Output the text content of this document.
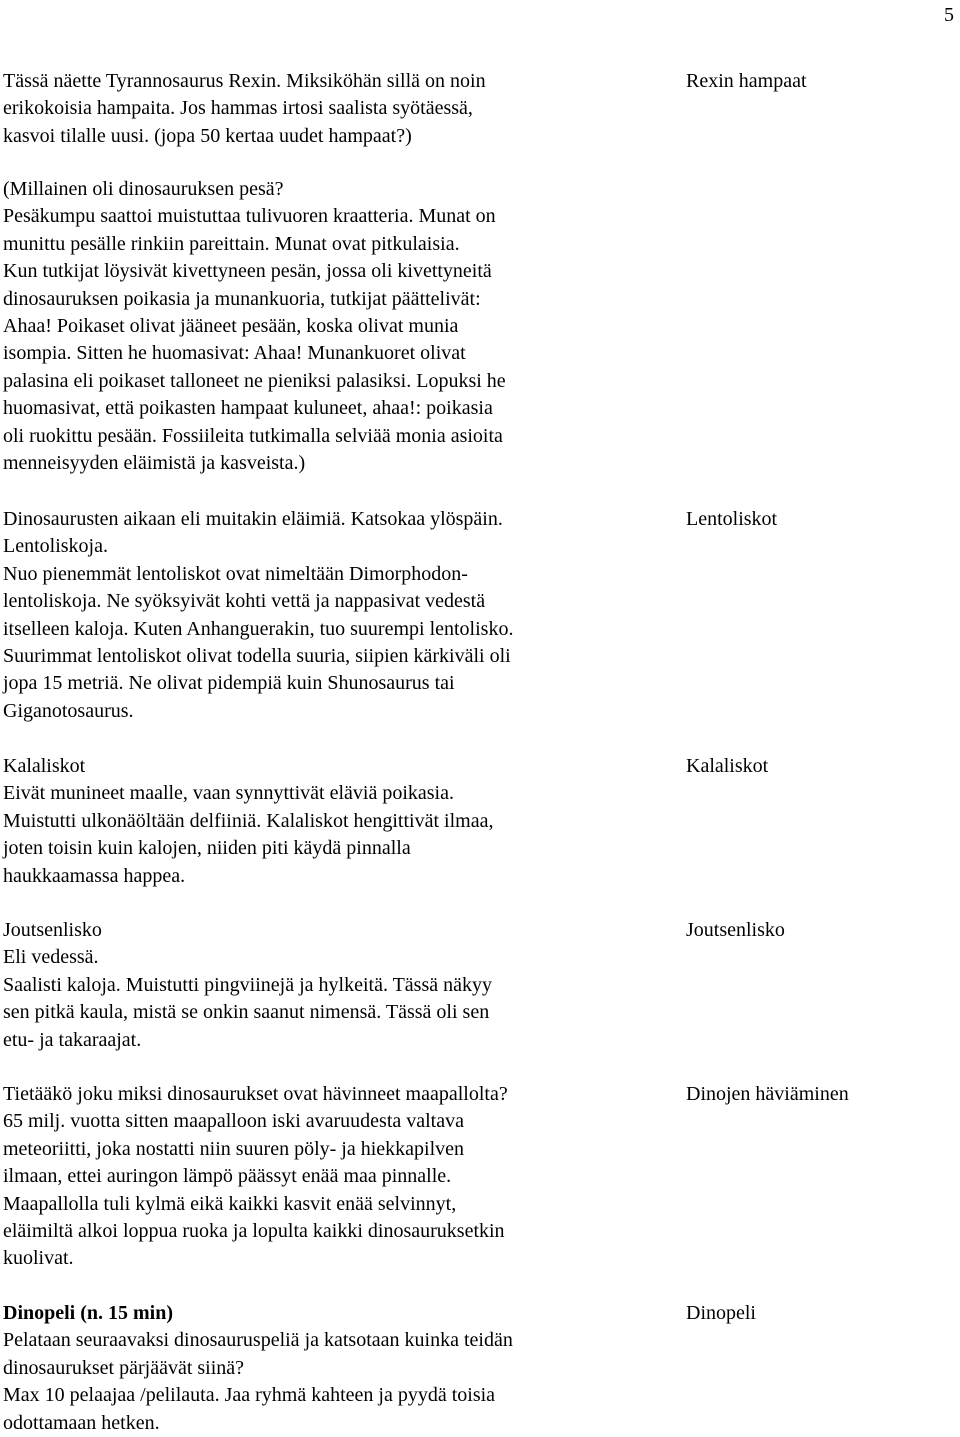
5
Tässä näette Tyrannosaurus Rexin. Miksiköhän sillä on noin
erikokoisia hampaita. Jos hammas irtosi saalista syötäessä,
kasvoi tilalle uusi. (jopa 50 kertaa uudet hampaat?)
Rexin hampaat
(Millainen oli dinosauruksen pesä?
Pesäkumpu saattoi muistuttaa tulivuoren kraatteria. Munat on
munittu pesälle rinkiin pareittain. Munat ovat pitkulaisia.
Kun tutkijat löysivät kivettyneen pesän, jossa oli kivettyneitä
dinosauruksen poikasia ja munankuoria, tutkijat päättelivät:
Ahaa! Poikaset olivat jääneet pesään, koska olivat munia
isompia. Sitten he huomasivat: Ahaa! Munankuoret olivat
palasina eli poikaset talloneet ne pieniksi palasiksi. Lopuksi he
huomasivat, että poikasten hampaat kuluneet, ahaa!: poikasia
oli ruokittu pesään. Fossiileita tutkimalla selviää monia asioita
menneisyyden eläimistä ja kasveista.)
Dinosaurusten aikaan eli muitakin eläimiä. Katsokaa ylöspäin.
Lentoliskoja.
Nuo pienemmät lentoliskot ovat nimeltään Dimorphodon-
lentoliskoja. Ne syöksyivät kohti vettä ja nappasivat vedestä
itselleen kaloja. Kuten Anhanguerakin, tuo suurempi lentolisko.
Suurimmat lentoliskot olivat todella suuria, siipien kärkiväli oli
jopa 15 metriä. Ne olivat pidempiä kuin Shunosaurus tai
Giganotosaurus.
Lentoliskot
Kalaliskot
Eivät munineet maalle, vaan synnyttivät eläviä poikasia.
Muistutti ulkonäöltään delfiiniä. Kalaliskot hengittivät ilmaa,
joten toisin kuin kalojen, niiden piti käydä pinnalla
haukkaamassa happea.
Kalaliskot
Joutsenlisko
Eli vedessä.
Saalisti kaloja. Muistutti pingviinejä ja hylkeitä. Tässä näkyy
sen pitkä kaula, mistä se onkin saanut nimensä. Tässä oli sen
etu- ja takaraajat.
Joutsenlisko
Tietääkö joku miksi dinosaurukset ovat hävinneet maapallolta?
65 milj. vuotta sitten maapalloon iski avaruudesta valtava
meteoriitti, joka nostatti niin suuren pöly- ja hiekkapilven
ilmaan, ettei auringon lämpö päässyt enää maa pinnalle.
Maapallolla tuli kylmä eikä kaikki kasvit enää selvinnyt,
eläimiltä alkoi loppua ruoka ja lopulta kaikki dinosauruksetkin
kuolivat.
Dinojen häviäminen
Dinopeli (n. 15 min)
Pelataan seuraavaksi dinosauruspeliä ja katsotaan kuinka teidän
dinosaurukset pärjäävät siinä?
Max 10 pelaajaa /pelilauta. Jaa ryhmä kahteen ja pyydä toisia
odottamaan hetken.
Dinopeli
